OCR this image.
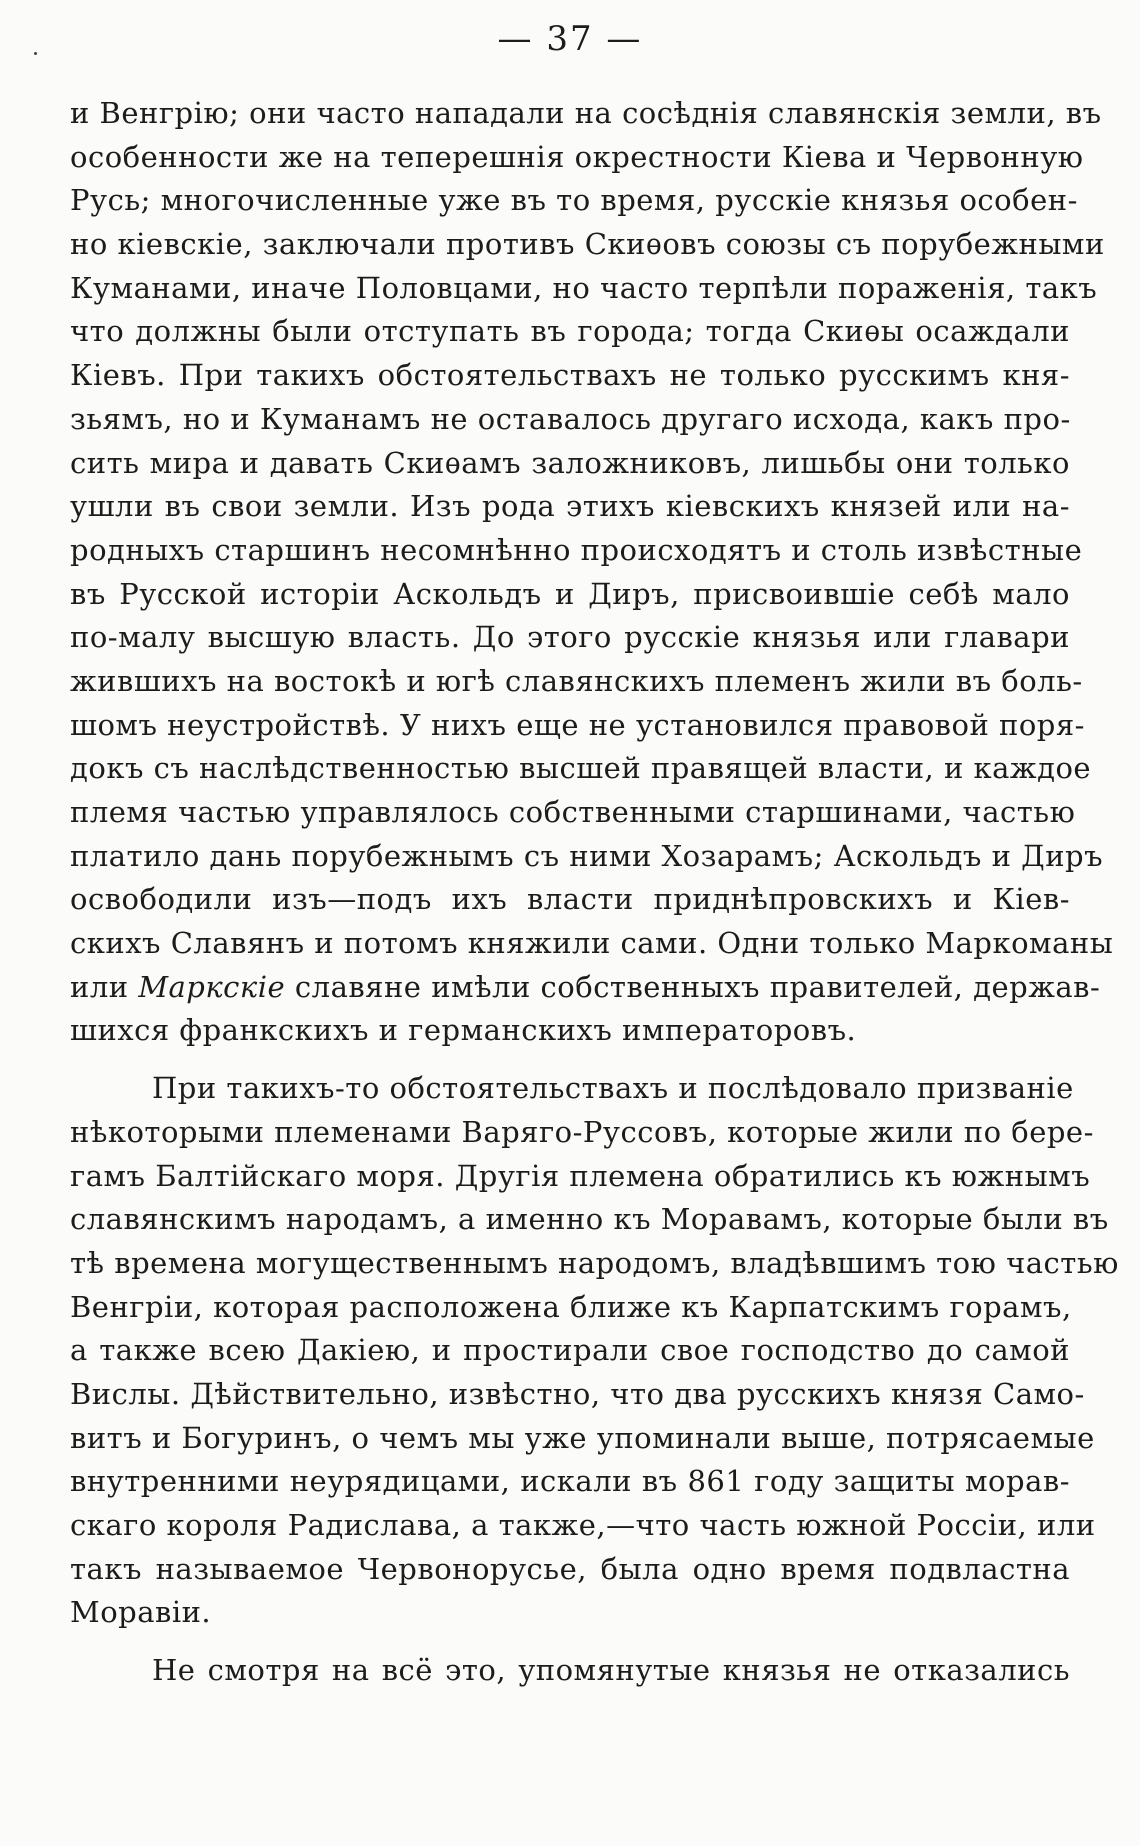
— 37 —
и Венгрію; они часто нападали на сосѣднія славянскія земли, въ
особенности же на теперешнія окрестности Кіева и Червонную
Русь; многочисленные уже въ то время, русскіе князья особен-
но кіевскіе, заключали противъ Скиѳовъ союзы съ порубежными
Куманами, иначе Половцами, но часто терпѣли пораженія, такъ
что должны были отступать въ города; тогда Скиѳы осаждали
Кіевъ. При такихъ обстоятельствахъ не только русскимъ кня-
зьямъ, но и Куманамъ не оставалось другаго исхода, какъ про-
сить мира и давать Скиѳамъ заложниковъ, лишьбы они только
ушли въ свои земли. Изъ рода этихъ кіевскихъ князей или на-
родныхъ старшинъ несомнѣнно происходятъ и столь извѣстные
въ Русской исторіи Аскольдъ и Диръ, присвоившіе себѣ мало
по-малу высшую власть. До этого русскіе князья или главари
жившихъ на востокѣ и югѣ славянскихъ племенъ жили въ боль-
шомъ неустройствѣ. У нихъ еще не установился правовой поря-
докъ съ наслѣдственностью высшей правящей власти, и каждое
племя частью управлялось собственными старшинами, частью
платило дань порубежнымъ съ ними Хозарамъ; Аскольдъ и Диръ
освободили изъ—подъ ихъ власти приднѣпровскихъ и Кіев-
скихъ Славянъ и потомъ княжили сами. Одни только Маркоманы
или Маркскіе славяне имѣли собственныхъ правителей, держав-
шихся франкскихъ и германскихъ императоровъ.
При такихъ-то обстоятельствахъ и послѣдовало призваніе
нѣкоторыми племенами Варяго-Руссовъ, которые жили по бере-
гамъ Балтійскаго моря. Другія племена обратились къ южнымъ
славянскимъ народамъ, а именно къ Моравамъ, которые были въ
тѣ времена могущественнымъ народомъ, владѣвшимъ тою частью
Венгріи, которая расположена ближе къ Карпатскимъ горамъ,
а также всею Дакіею, и простирали свое господство до самой
Вислы. Дѣйствительно, извѣстно, что два русскихъ князя Само-
витъ и Богуринъ, о чемъ мы уже упоминали выше, потрясаемые
внутренними неурядицами, искали въ 861 году защиты морав-
скаго короля Радислава, а также,—что часть южной Россіи, или
такъ называемое Червонорусье, была одно время подвластна
Моравіи.
Не смотря на всё это, упомянутые князья не отказались
